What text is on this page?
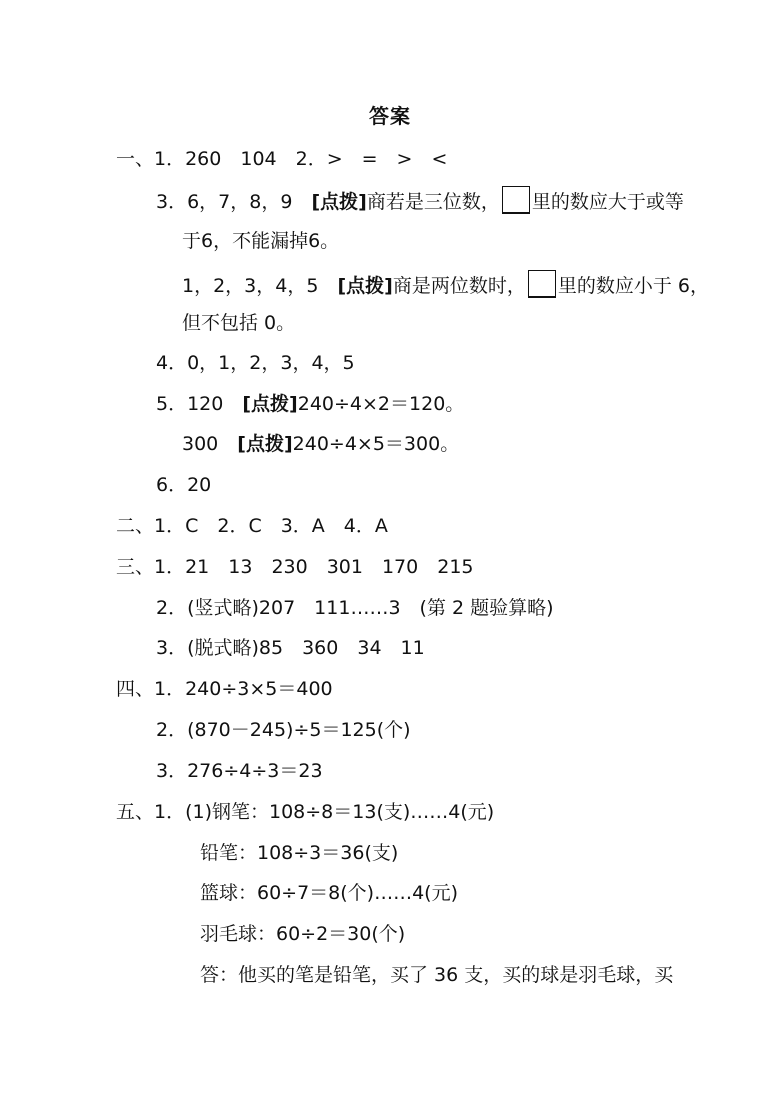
答案
一、1．260　104　2．>　=　>　<
3．6，7，8，9　[点拨]商若是三位数， 里的数应大于或等
于6，不能漏掉6。
1，2，3，4，5　[点拨]商是两位数时， 里的数应小于 6，
但不包括 0。
4．0，1，2，3，4，5
5．120　[点拨]240÷4×2＝120。
300　[点拨]240÷4×5＝300。
6．20
二、1．C　2．C　3．A　4．A
三、1．21　13　230　301　170　215
2．(竖式略)207　111……3　(第 2 题验算略)
3．(脱式略)85　360　34　11
四、1．240÷3×5＝400
2．(870－245)÷5＝125(个)
3．276÷4÷3＝23
五、1．(1)钢笔：108÷8＝13(支)……4(元)
铅笔：108÷3＝36(支)
篮球：60÷7＝8(个)……4(元)
羽毛球：60÷2＝30(个)
答：他买的笔是铅笔，买了 36 支，买的球是羽毛球，买
